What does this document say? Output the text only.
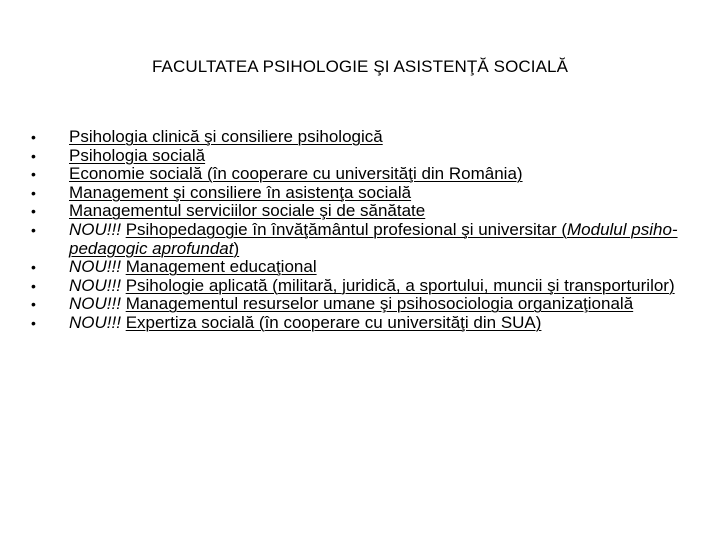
FACULTATEA PSIHOLOGIE ŞI ASISTENŢĂ SOCIALĂ
• Psihologia clinică şi consiliere psihologică
• Psihologia socială
• Economie socială (în cooperare cu universităţi din România)
• Management şi consiliere în asistenţa socială
• Managementul serviciilor sociale şi de sănătate
• NOU!!! Psihopedagogie în învăţământul profesional şi universitar (Modulul psiho-pedagogic aprofundat)
• NOU!!! Management educaţional
• NOU!!! Psihologie aplicată (militară, juridică, a sportului, muncii şi transporturilor)
• NOU!!! Managementul resurselor umane şi psihosociologia organizaţională
• NOU!!! Expertiza socială (în cooperare cu universităţi din SUA)
